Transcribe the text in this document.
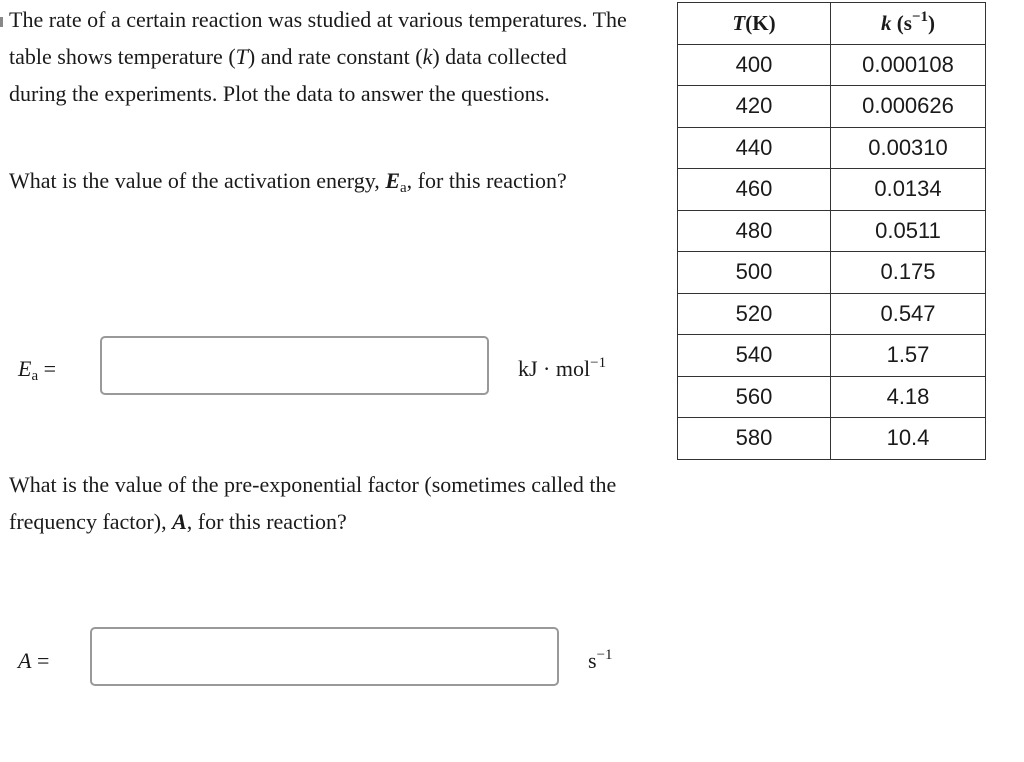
The rate of a certain reaction was studied at various temperatures. The table shows temperature (T) and rate constant (k) data collected during the experiments. Plot the data to answer the questions.

What is the value of the activation energy, $E_a$, for this reaction?

$E_a$ =	kJ · mol$^{-1}$

What is the value of the pre-exponential factor (sometimes called the frequency factor), A, for this reaction?

A =	$s^{-1}$
T(K)	k $(s^{-1})$
400	0.000108
420	0.000626
440	0.00310
460	0.0134
480	0.0511
500	0.175
520	0.547
540	1.57
560	4.18
580	10.4
